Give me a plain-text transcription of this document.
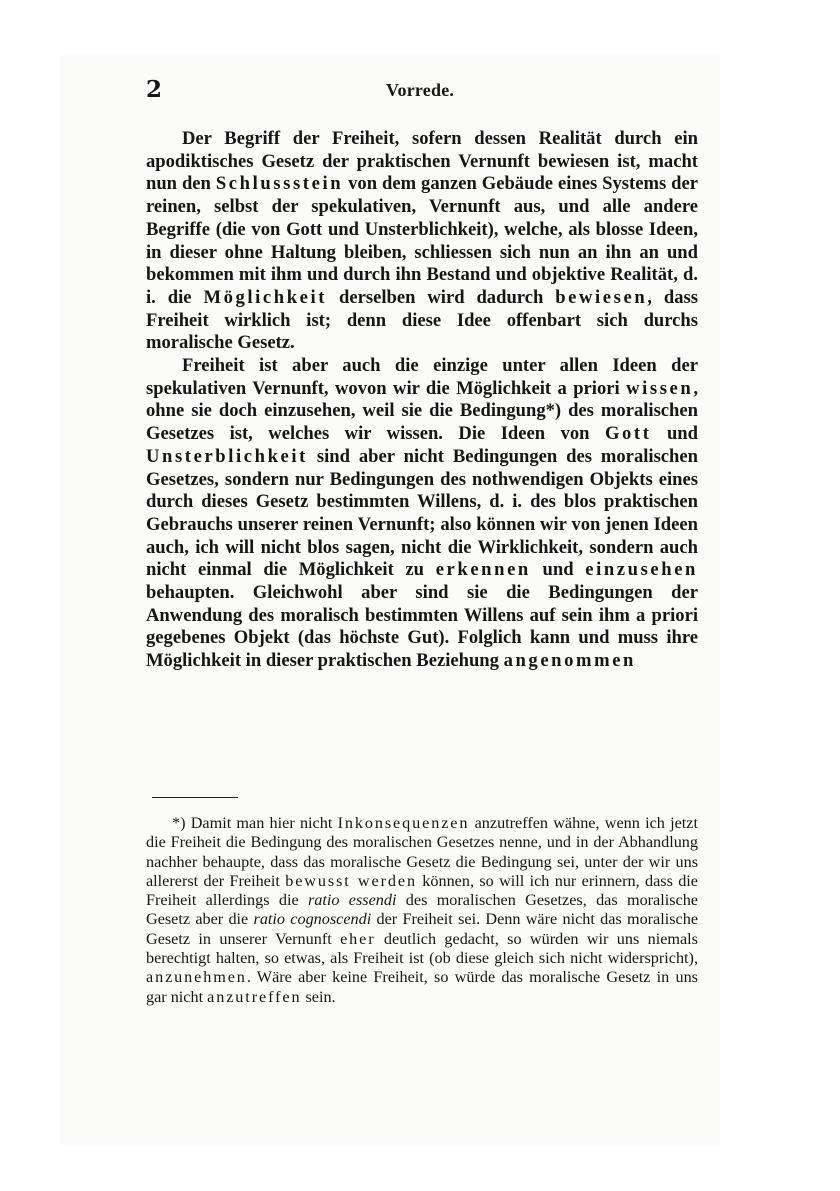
2	Vorrede.

Der Begriff der Freiheit, sofern dessen Realität durch ein apodiktisches Gesetz der praktischen Vernunft bewiesen ist, macht nun den Schlussstein von dem ganzen Gebäude eines Systems der reinen, selbst der spekulativen, Vernunft aus, und alle andere Begriffe (die von Gott und Unsterblichkeit), welche, als blosse Ideen, in dieser ohne Haltung bleiben, schliessen sich nun an ihn an und bekommen mit ihm und durch ihn Bestand und objektive Realität, d. i. die Möglichkeit derselben wird dadurch bewiesen, dass Freiheit wirklich ist; denn diese Idee offenbart sich durchs moralische Gesetz.

Freiheit ist aber auch die einzige unter allen Ideen der spekulativen Vernunft, wovon wir die Möglichkeit a priori wissen, ohne sie doch einzusehen, weil sie die Bedingung*) des moralischen Gesetzes ist, welches wir wissen. Die Ideen von Gott und Unsterblichkeit sind aber nicht Bedingungen des moralischen Gesetzes, sondern nur Bedingungen des nothwendigen Objekts eines durch dieses Gesetz bestimmten Willens, d. i. des blos praktischen Gebrauchs unserer reinen Vernunft; also können wir von jenen Ideen auch, ich will nicht blos sagen, nicht die Wirklichkeit, sondern auch nicht einmal die Möglichkeit zu erkennen und einzusehen behaupten. Gleichwohl aber sind sie die Bedingungen der Anwendung des moralisch bestimmten Willens auf sein ihm a priori gegebenes Objekt (das höchste Gut). Folglich kann und muss ihre Möglichkeit in dieser praktischen Beziehung angenommen

*) Damit man hier nicht Inkonsequenzen anzutreffen wähne, wenn ich jetzt die Freiheit die Bedingung des moralischen Gesetzes nenne, und in der Abhandlung nachher behaupte, dass das moralische Gesetz die Bedingung sei, unter der wir uns allererst der Freiheit bewusst werden können, so will ich nur erinnern, dass die Freiheit allerdings die ratio essendi des moralischen Gesetzes, das moralische Gesetz aber die ratio cognoscendi der Freiheit sei. Denn wäre nicht das moralische Gesetz in unserer Vernunft eher deutlich gedacht, so würden wir uns niemals berechtigt halten, so etwas, als Freiheit ist (ob diese gleich sich nicht widerspricht), anzunehmen. Wäre aber keine Freiheit, so würde das moralische Gesetz in uns gar nicht anzutreffen sein.
